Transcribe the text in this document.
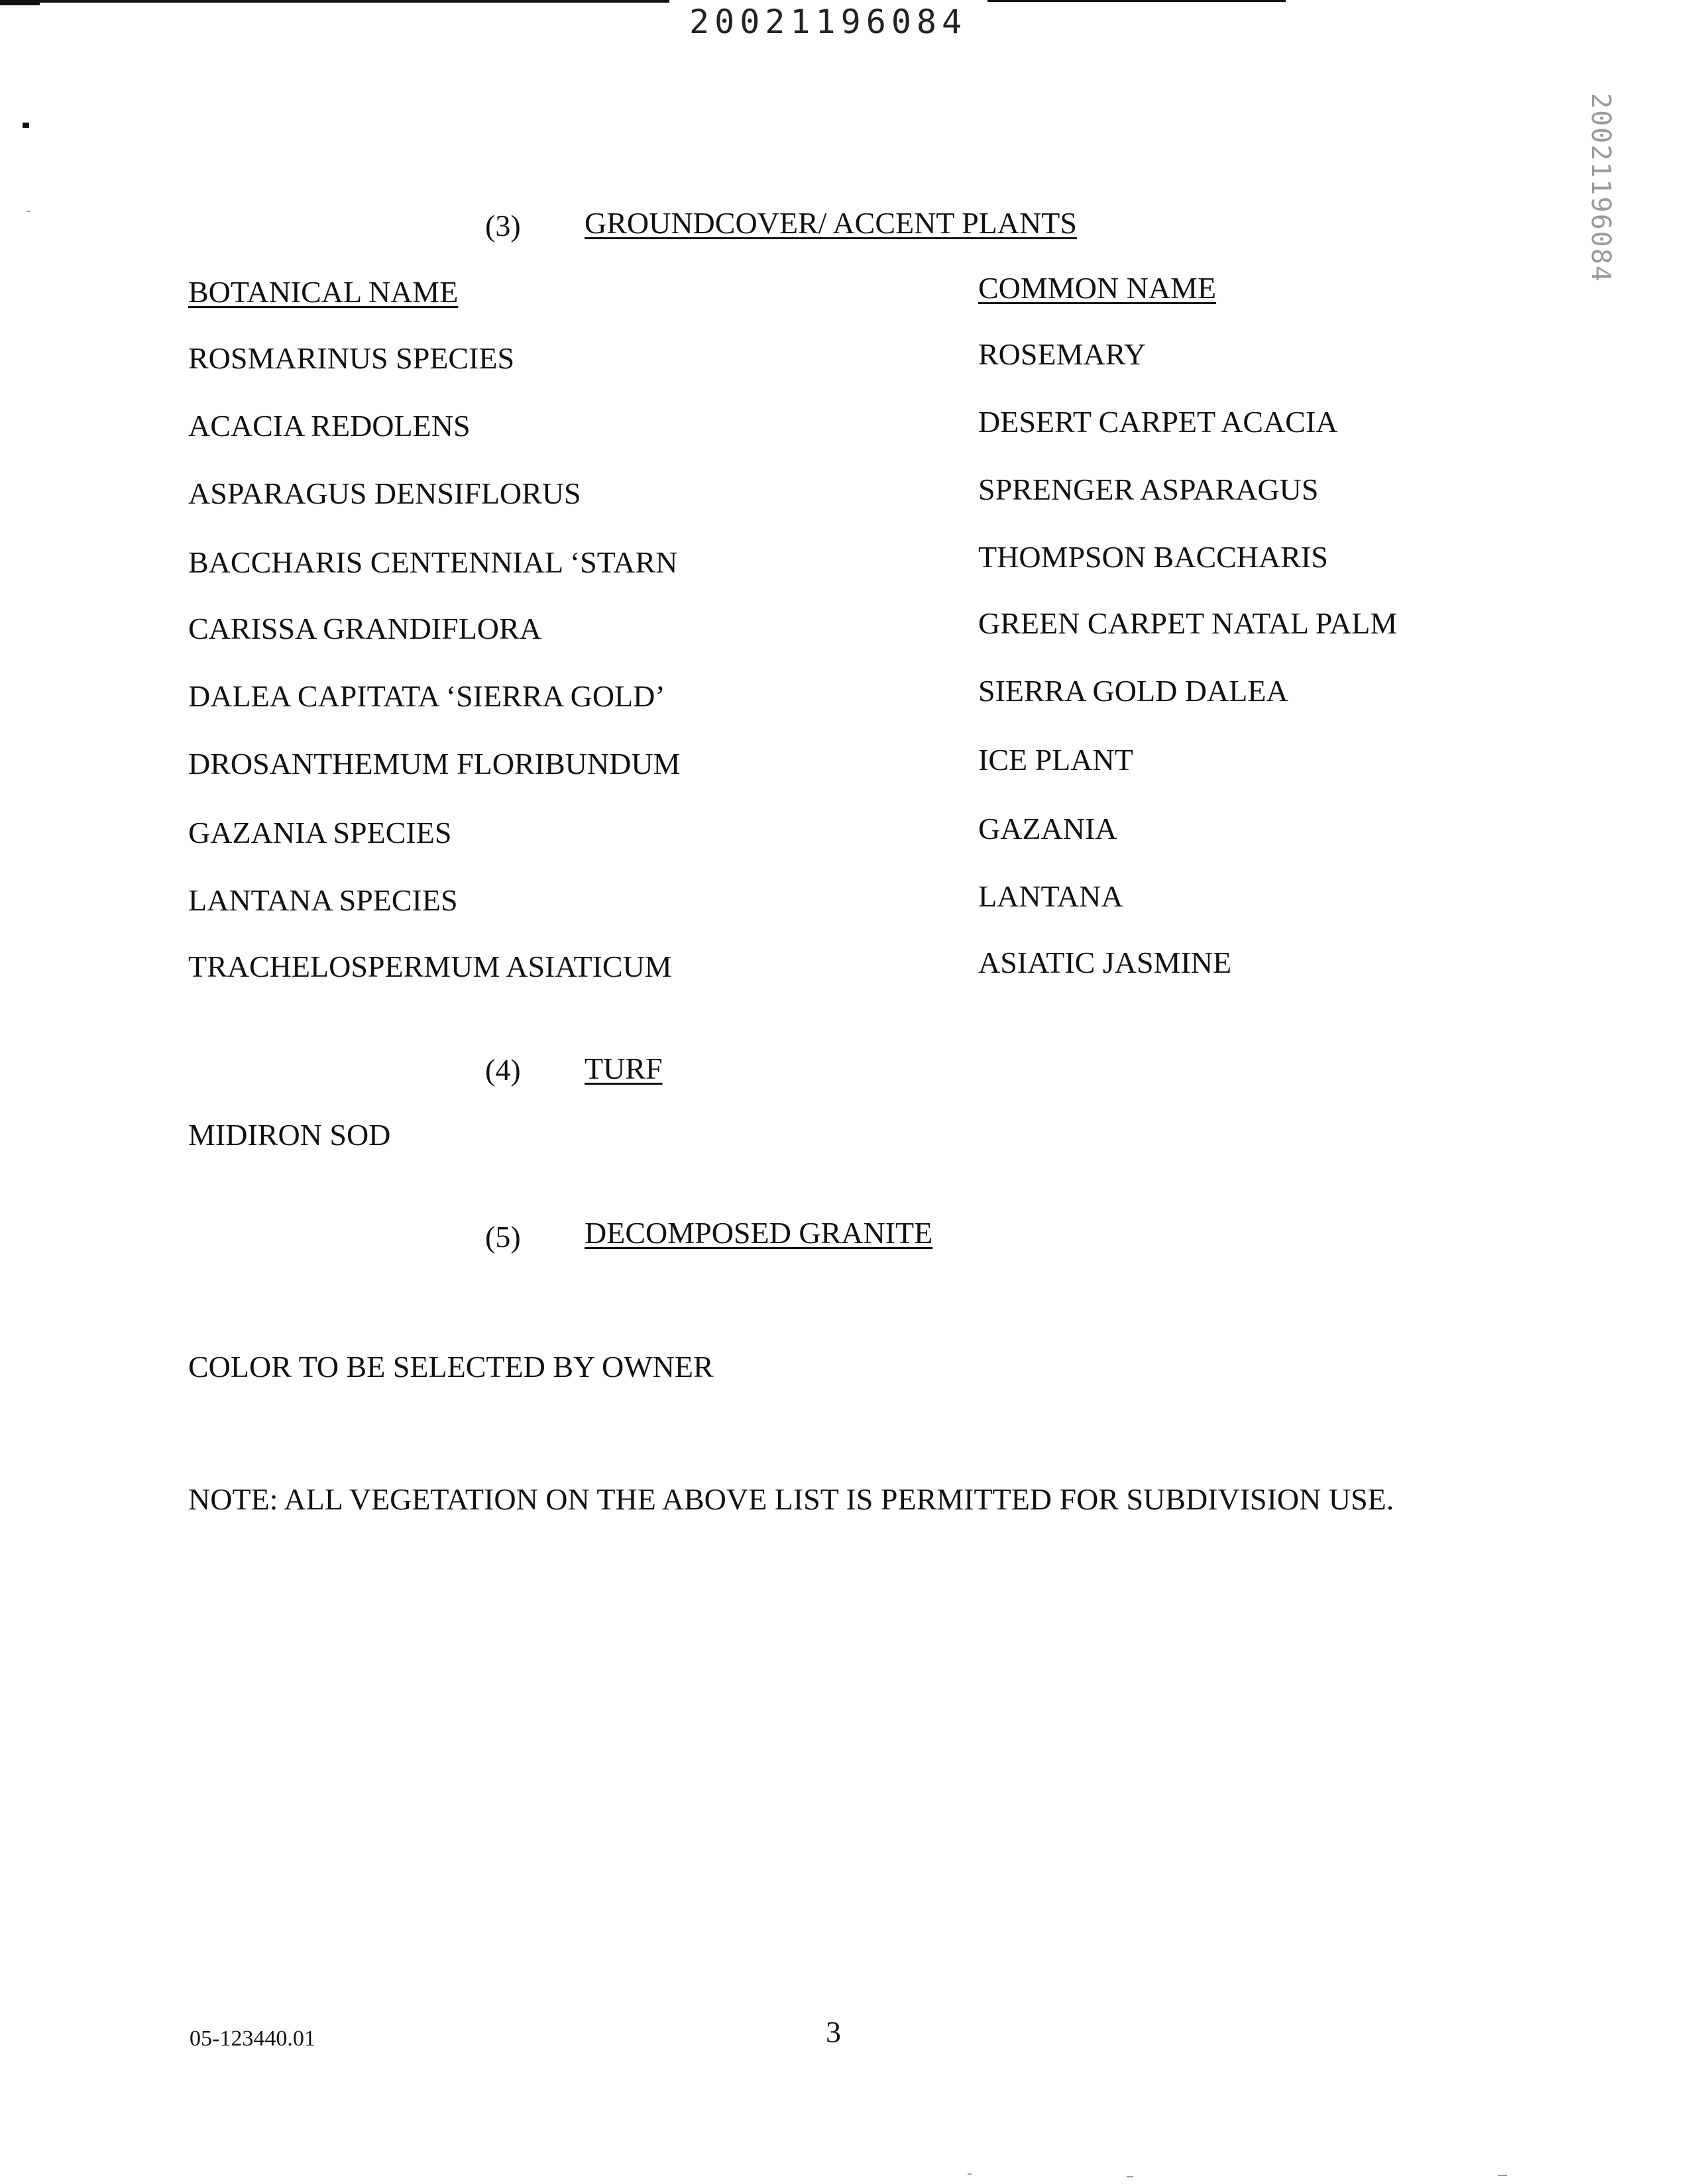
20021196084
20021196084
(3) GROUNDCOVER/ ACCENT PLANTS
BOTANICAL NAME	COMMON NAME
ROSMARINUS SPECIES	ROSEMARY
ACACIA REDOLENS	DESERT CARPET ACACIA
ASPARAGUS DENSIFLORUS	SPRENGER ASPARAGUS
BACCHARIS CENTENNIAL ‘STARN	THOMPSON BACCHARIS
CARISSA GRANDIFLORA	GREEN CARPET NATAL PALM
DALEA CAPITATA ‘SIERRA GOLD’	SIERRA GOLD DALEA
DROSANTHEMUM FLORIBUNDUM	ICE PLANT
GAZANIA SPECIES	GAZANIA
LANTANA SPECIES	LANTANA
TRACHELOSPERMUM ASIATICUM	ASIATIC JASMINE
(4) TURF
MIDIRON SOD
(5) DECOMPOSED GRANITE
COLOR TO BE SELECTED BY OWNER
NOTE: ALL VEGETATION ON THE ABOVE LIST IS PERMITTED FOR SUBDIVISION USE.
05-123440.01	3
